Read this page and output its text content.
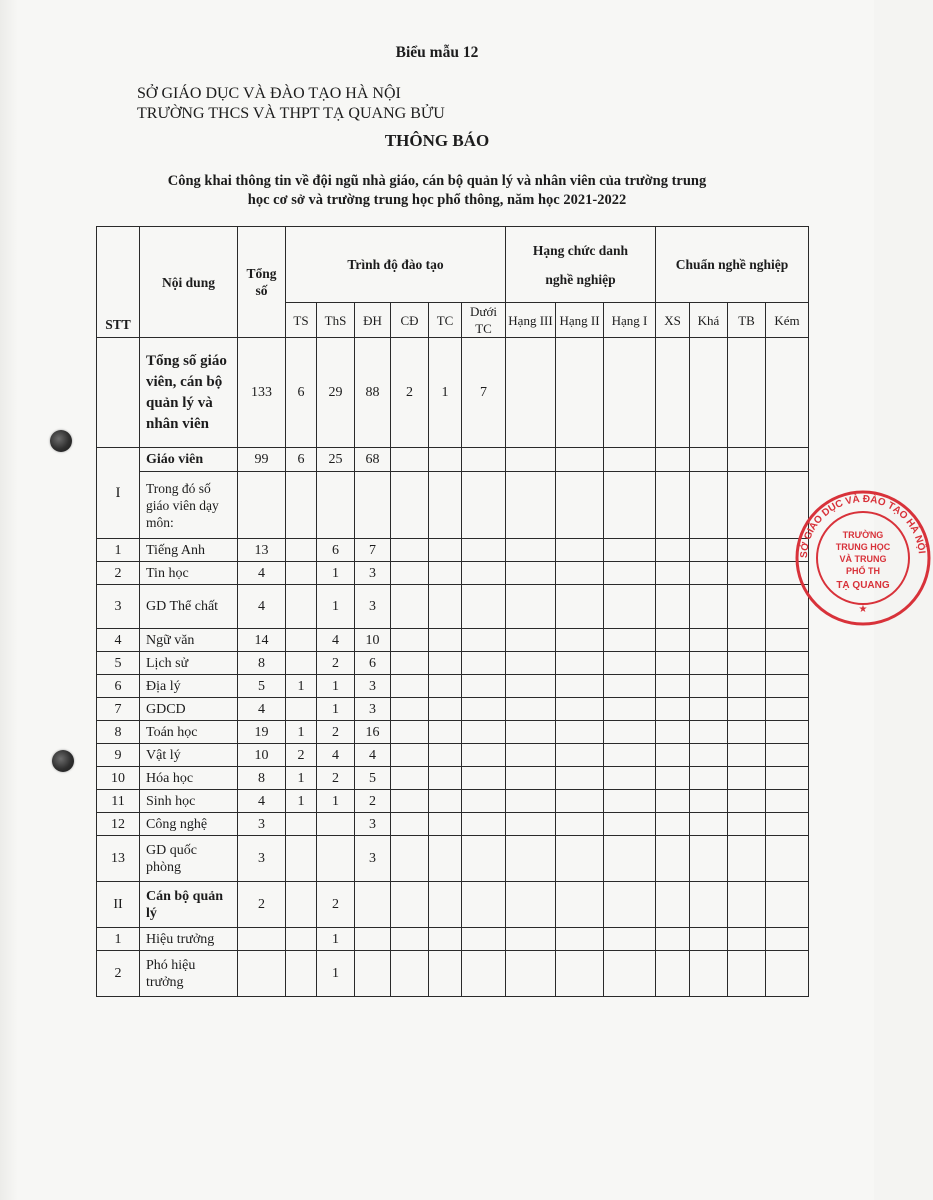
Biểu mẫu 12
SỞ GIÁO DỤC VÀ ĐÀO TẠO HÀ NỘI
TRƯỜNG THCS VÀ THPT TẠ QUANG BỬU
THÔNG BÁO
Công khai thông tin về đội ngũ nhà giáo, cán bộ quản lý và nhân viên của trường trung
học cơ sở và trường trung học phổ thông, năm học 2021-2022
STT	Nội dung	Tổng số	Trình độ đào tạo						Hạng chức danh
nghề nghiệp			Chuẩn nghề nghiệp			
			TS	ThS	ĐH	CĐ	TC	Dưới TC	Hạng III	Hạng II	Hạng I	XS	Khá	TB	Kém
	Tổng số giáo viên, cán bộ quản lý và nhân viên	133	6	29	88	2	1	7							
I	Giáo viên	99	6	25	68										
	Trong đó số giáo viên dạy môn:														
1	Tiếng Anh	13		6	7										
2	Tin học	4		1	3										
3	GD Thể chất	4		1	3										
4	Ngữ văn	14		4	10										
5	Lịch sử	8		2	6										
6	Địa lý	5	1	1	3										
7	GDCD	4		1	3										
8	Toán học	19	1	2	16										
9	Vật lý	10	2	4	4										
10	Hóa học	8	1	2	5										
11	Sinh học	4	1	1	2										
12	Công nghệ	3			3										
13	GD quốc phòng	3			3										
II	Cán bộ quản lý	2		2											
1	Hiệu trưởng			1											
2	Phó hiệu trưởng			1											
SỞ GIÁO DỤC VÀ ĐÀO TẠO HÀ NỘI
TRƯỜNG
TRUNG HỌC
VÀ TRUNG
PHỔ TH
TẠ QUANG
★
